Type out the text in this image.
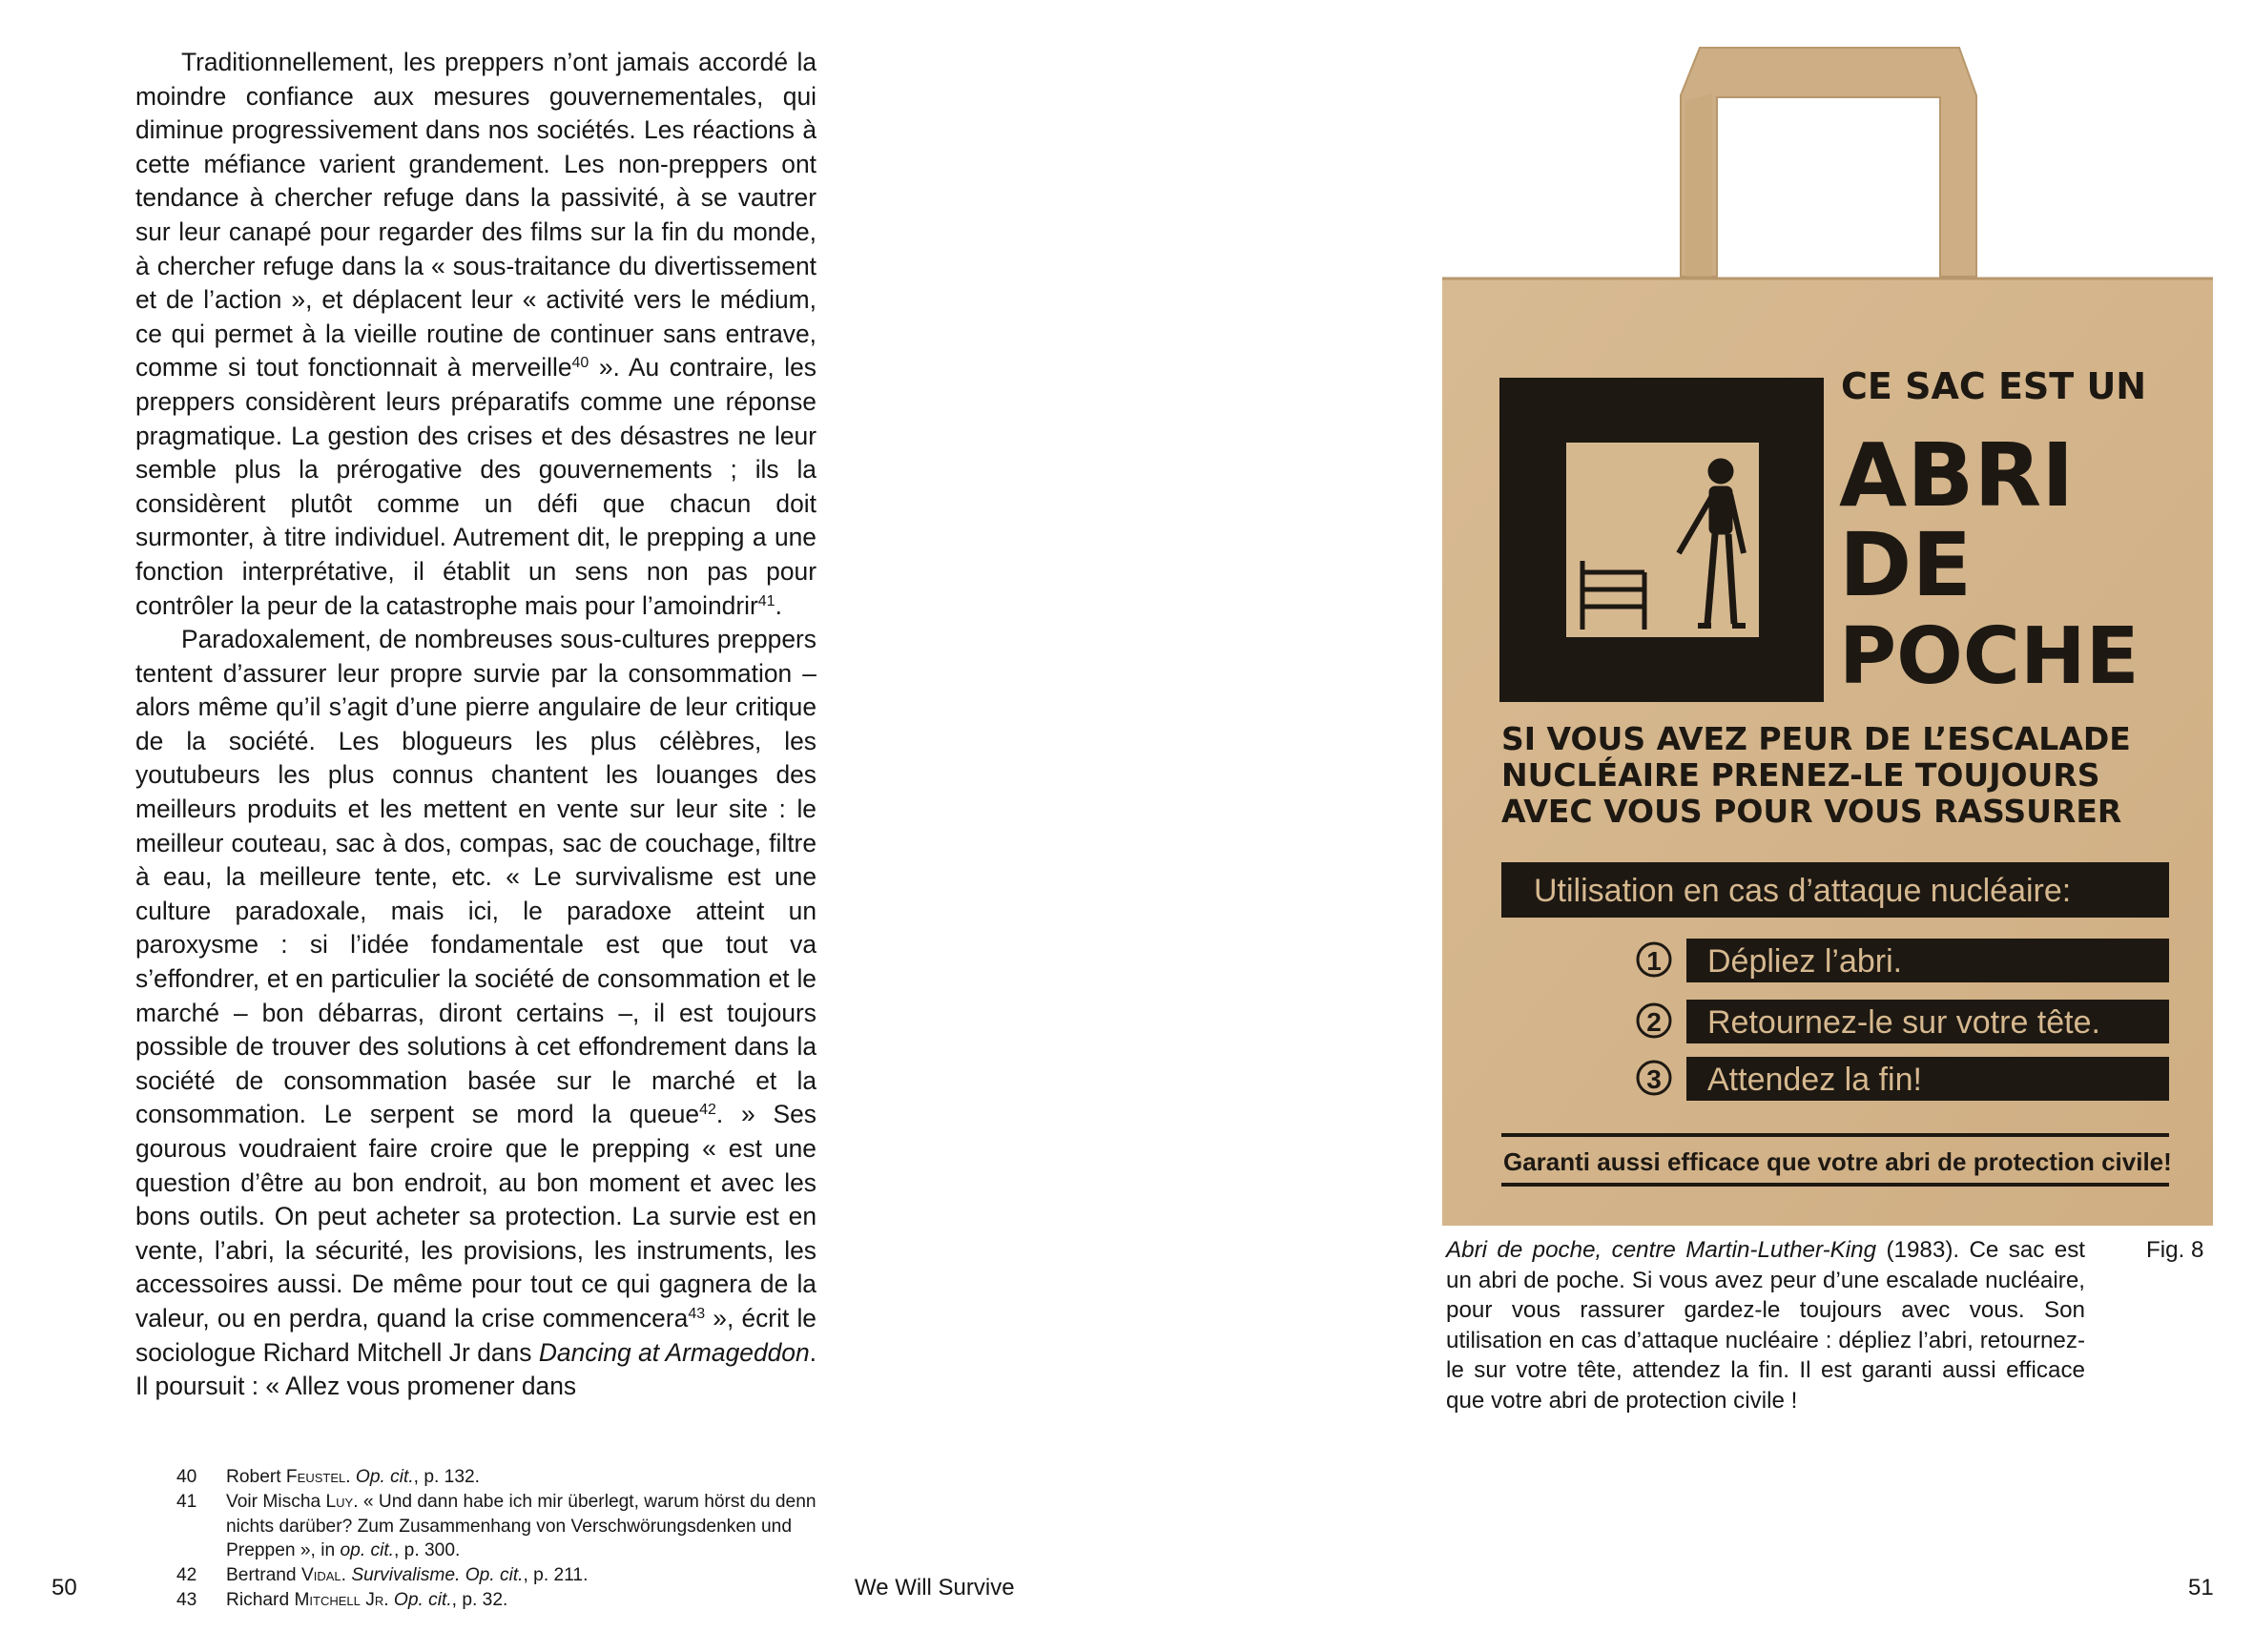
Traditionnellement, les preppers n’ont jamais accordé la moindre confiance aux mesures gouvernementales, qui diminue progressivement dans nos sociétés. Les réactions à cette méfiance varient grandement. Les non-preppers ont tendance à chercher refuge dans la passivité, à se vautrer sur leur canapé pour regarder des films sur la fin du monde, à chercher refuge dans la « sous-traitance du divertissement et de l’action », et déplacent leur « activité vers le médium, ce qui permet à la vieille routine de continuer sans entrave, comme si tout fonctionnait à merveille$^{40}$ ». Au contraire, les preppers considèrent leurs préparatifs comme une réponse pragmatique. La gestion des crises et des désastres ne leur semble plus la prérogative des gouvernements ; ils la considèrent plutôt comme un défi que chacun doit surmonter, à titre individuel. Autrement dit, le prepping a une fonction interprétative, il établit un sens non pas pour contrôler la peur de la catastrophe mais pour l’amoindrir$^{41}$.

Paradoxalement, de nombreuses sous-cultures preppers tentent d’assurer leur propre survie par la consommation – alors même qu’il s’agit d’une pierre angulaire de leur critique de la société. Les blogueurs les plus célèbres, les youtubeurs les plus connus chantent les louanges des meilleurs produits et les mettent en vente sur leur site : le meilleur couteau, sac à dos, compas, sac de couchage, filtre à eau, la meilleure tente, etc. « Le survivalisme est une culture paradoxale, mais ici, le paradoxe atteint un paroxysme : si l’idée fondamentale est que tout va s’effondrer, et en particulier la société de consommation et le marché – bon débarras, diront certains –, il est toujours possible de trouver des solutions à cet effondrement dans la société de consommation basée sur le marché et la consommation. Le serpent se mord la queue$^{42}$. » Ses gourous voudraient faire croire que le prepping « est une question d’être au bon endroit, au bon moment et avec les bons outils. On peut acheter sa protection. La survie est en vente, l’abri, la sécurité, les provisions, les instruments, les accessoires aussi. De même pour tout ce qui gagnera de la valeur, ou en perdra, quand la crise commencera$^{43}$ », écrit le sociologue Richard Mitchell Jr dans Dancing at Armageddon. Il poursuit : « Allez vous promener dans

40	Robert Feustel. Op. cit., p. 132.
41	Voir Mischa Luy. « Und dann habe ich mir überlegt, warum hörst du denn nichts darüber? Zum Zusammenhang von Verschwörungsdenken und Preppen », in op. cit., p. 300.
42	Bertrand Vidal. Survivalisme. Op. cit., p. 211.
43	Richard Mitchell Jr. Op. cit., p. 32.
50	We Will Survive	51
CE SAC EST UN
ABRI
DE
POCHE
SI VOUS AVEZ PEUR DE L’ESCALADE
NUCLÉAIRE PRENEZ-LE TOUJOURS
AVEC VOUS POUR VOUS RASSURER
Utilisation en cas d’attaque nucléaire:
1 Dépliez l’abri.
2 Retournez-le sur votre tête.
3 Attendez la fin!
Garanti aussi efficace que votre abri de protection civile!
Abri de poche, centre Martin-Luther-King (1983). Ce sac est un abri de poche. Si vous avez peur d’une escalade nucléaire, pour vous rassurer gardez-le toujours avec vous. Son utilisation en cas d’attaque nucléaire : dépliez l’abri, retournez-le sur votre tête, attendez la fin. Il est garanti aussi efficace que votre abri de protection civile !
Fig. 8
